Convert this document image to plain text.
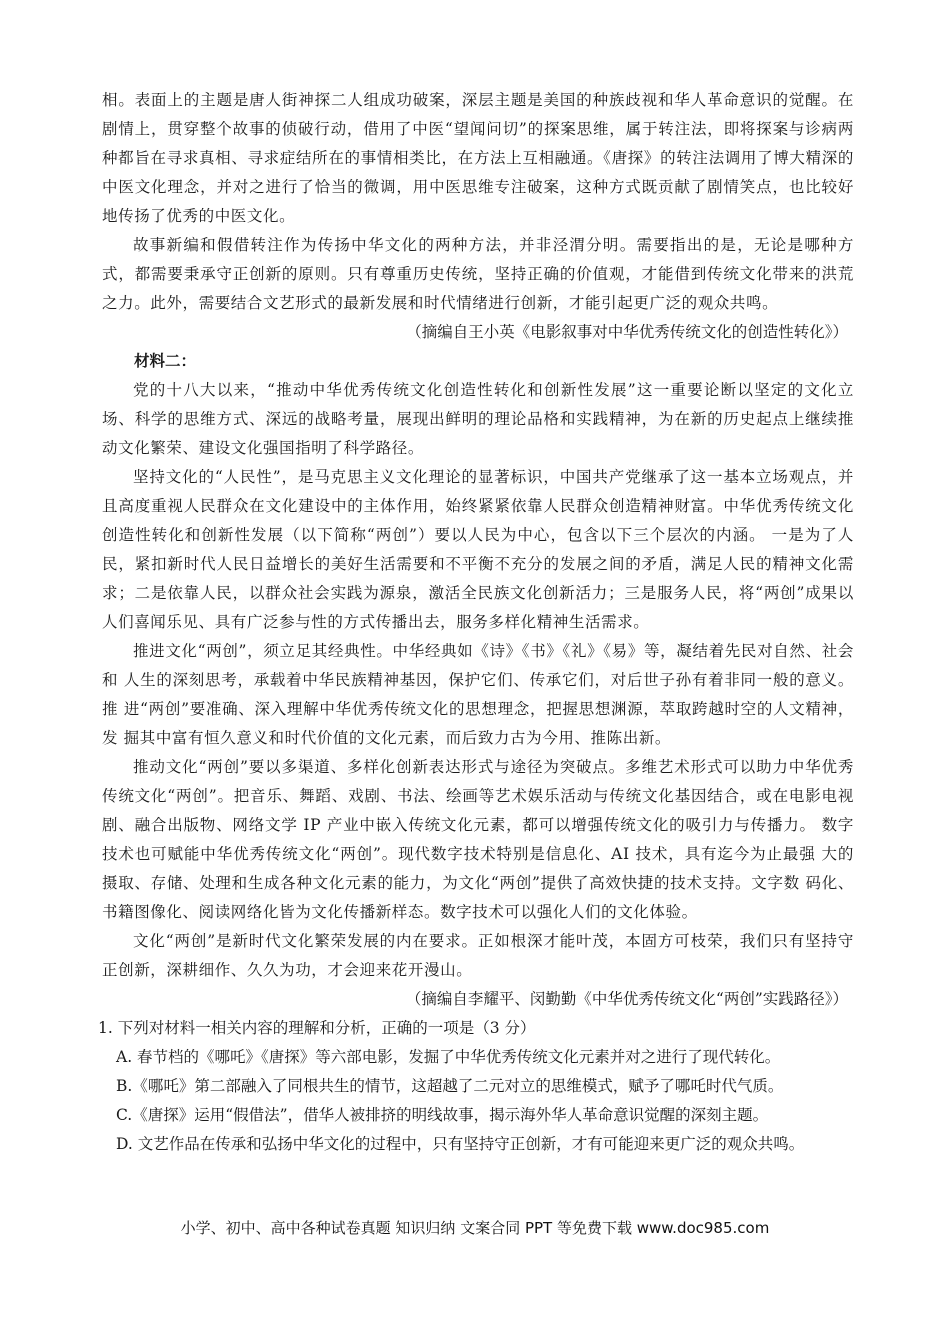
相。表面上的主题是唐人街神探二人组成功破案，深层主题是美国的种族歧视和华人革命意识的觉醒。在剧情上，贯穿整个故事的侦破行动，借用了中医“望闻问切”的探案思维，属于转注法，即将探案与诊病两种都旨在寻求真相、寻求症结所在的事情相类比，在方法上互相融通。《唐探》的转注法调用了博大精深的中医文化理念，并对之进行了恰当的微调，用中医思维专注破案，这种方式既贡献了剧情笑点，也比较好地传扬了优秀的中医文化。

故事新编和假借转注作为传扬中华文化的两种方法，并非泾渭分明。需要指出的是，无论是哪种方式，都需要秉承守正创新的原则。只有尊重历史传统，坚持正确的价值观，才能借到传统文化带来的洪荒之力。此外，需要结合文艺形式的最新发展和时代情绪进行创新，才能引起更广泛的观众共鸣。

（摘编自王小英《电影叙事对中华优秀传统文化的创造性转化》）

材料二：

党的十八大以来，“推动中华优秀传统文化创造性转化和创新性发展”这一重要论断以坚定的文化立场、科学的思维方式、深远的战略考量，展现出鲜明的理论品格和实践精神，为在新的历史起点上继续推动文化繁荣、建设文化强国指明了科学路径。

坚持文化的“人民性”，是马克思主义文化理论的显著标识，中国共产党继承了这一基本立场观点，并且高度重视人民群众在文化建设中的主体作用，始终紧紧依靠人民群众创造精神财富。中华优秀传统文化创造性转化和创新性发展（以下简称“两创”）要以人民为中心，包含以下三个层次的内涵。 一是为了人民，紧扣新时代人民日益增长的美好生活需要和不平衡不充分的发展之间的矛盾，满足人民的精神文化需求；二是依靠人民，以群众社会实践为源泉，激活全民族文化创新活力；三是服务人民，将“两创”成果以人们喜闻乐见、具有广泛参与性的方式传播出去，服务多样化精神生活需求。

推进文化“两创”，须立足其经典性。中华经典如《诗》《书》《礼》《易》等，凝结着先民对自然、社会和 人生的深刻思考，承载着中华民族精神基因，保护它们、传承它们，对后世子孙有着非同一般的意义。推 进“两创”要准确、深入理解中华优秀传统文化的思想理念，把握思想渊源，萃取跨越时空的人文精神，发 掘其中富有恒久意义和时代价值的文化元素，而后致力古为今用、推陈出新。

推动文化“两创”要以多渠道、多样化创新表达形式与途径为突破点。多维艺术形式可以助力中华优秀传统文化“两创”。把音乐、舞蹈、戏剧、书法、绘画等艺术娱乐活动与传统文化基因结合，或在电影电视剧、融合出版物、网络文学 IP 产业中嵌入传统文化元素，都可以增强传统文化的吸引力与传播力。 数字技术也可赋能中华优秀传统文化“两创”。现代数字技术特别是信息化、AI 技术，具有迄今为止最强 大的摄取、存储、处理和生成各种文化元素的能力，为文化“两创”提供了高效快捷的技术支持。文字数 码化、书籍图像化、阅读网络化皆为文化传播新样态。数字技术可以强化人们的文化体验。

文化“两创”是新时代文化繁荣发展的内在要求。正如根深才能叶茂，本固方可枝荣，我们只有坚持守正创新，深耕细作、久久为功，才会迎来花开漫山。

（摘编自李耀平、闵勤勤《中华优秀传统文化“两创”实践路径》）

1. 下列对材料一相关内容的理解和分析，正确的一项是（3 分）

A. 春节档的《哪吒》《唐探》等六部电影，发掘了中华优秀传统文化元素并对之进行了现代转化。

B.《哪吒》第二部融入了同根共生的情节，这超越了二元对立的思维模式，赋予了哪吒时代气质。

C.《唐探》运用“假借法”，借华人被排挤的明线故事，揭示海外华人革命意识觉醒的深刻主题。

D. 文艺作品在传承和弘扬中华文化的过程中，只有坚持守正创新，才有可能迎来更广泛的观众共鸣。

小学、初中、高中各种试卷真题 知识归纳 文案合同 PPT 等免费下载 www.doc985.com
